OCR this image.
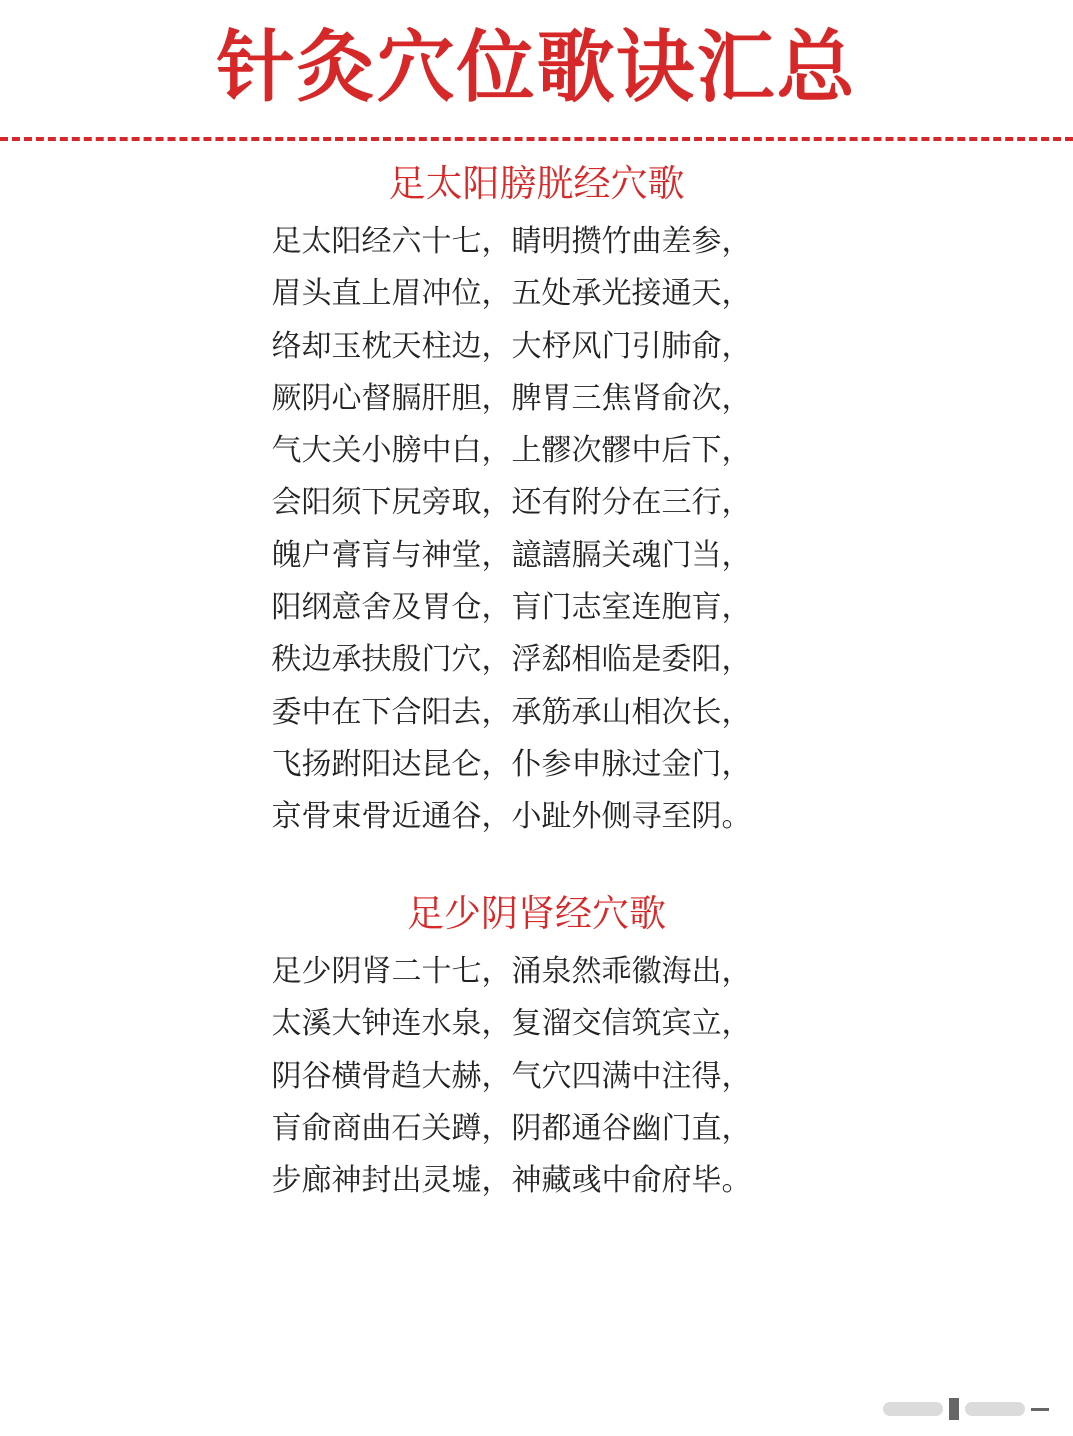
针灸穴位歌诀汇总
足太阳膀胱经穴歌
足太阳经六十七，睛明攒竹曲差参，
眉头直上眉冲位，五处承光接通天，
络却玉枕天柱边，大杼风门引肺俞，
厥阴心督膈肝胆，脾胃三焦肾俞次，
气大关小膀中白，上髎次髎中后下，
会阳须下尻旁取，还有附分在三行，
魄户膏肓与神堂，譩譆膈关魂门当，
阳纲意舍及胃仓，肓门志室连胞肓，
秩边承扶殷门穴，浮郄相临是委阳，
委中在下合阳去，承筋承山相次长，
飞扬跗阳达昆仑，仆参申脉过金门，
京骨束骨近通谷，小趾外侧寻至阴。
足少阴肾经穴歌
足少阴肾二十七，涌泉然乖徽海出，
太溪大钟连水泉，复溜交信筑宾立，
阴谷横骨趋大赫，气穴四满中注得，
肓俞商曲石关蹲，阴都通谷幽门直，
步廊神封出灵墟，神藏彧中俞府毕。
